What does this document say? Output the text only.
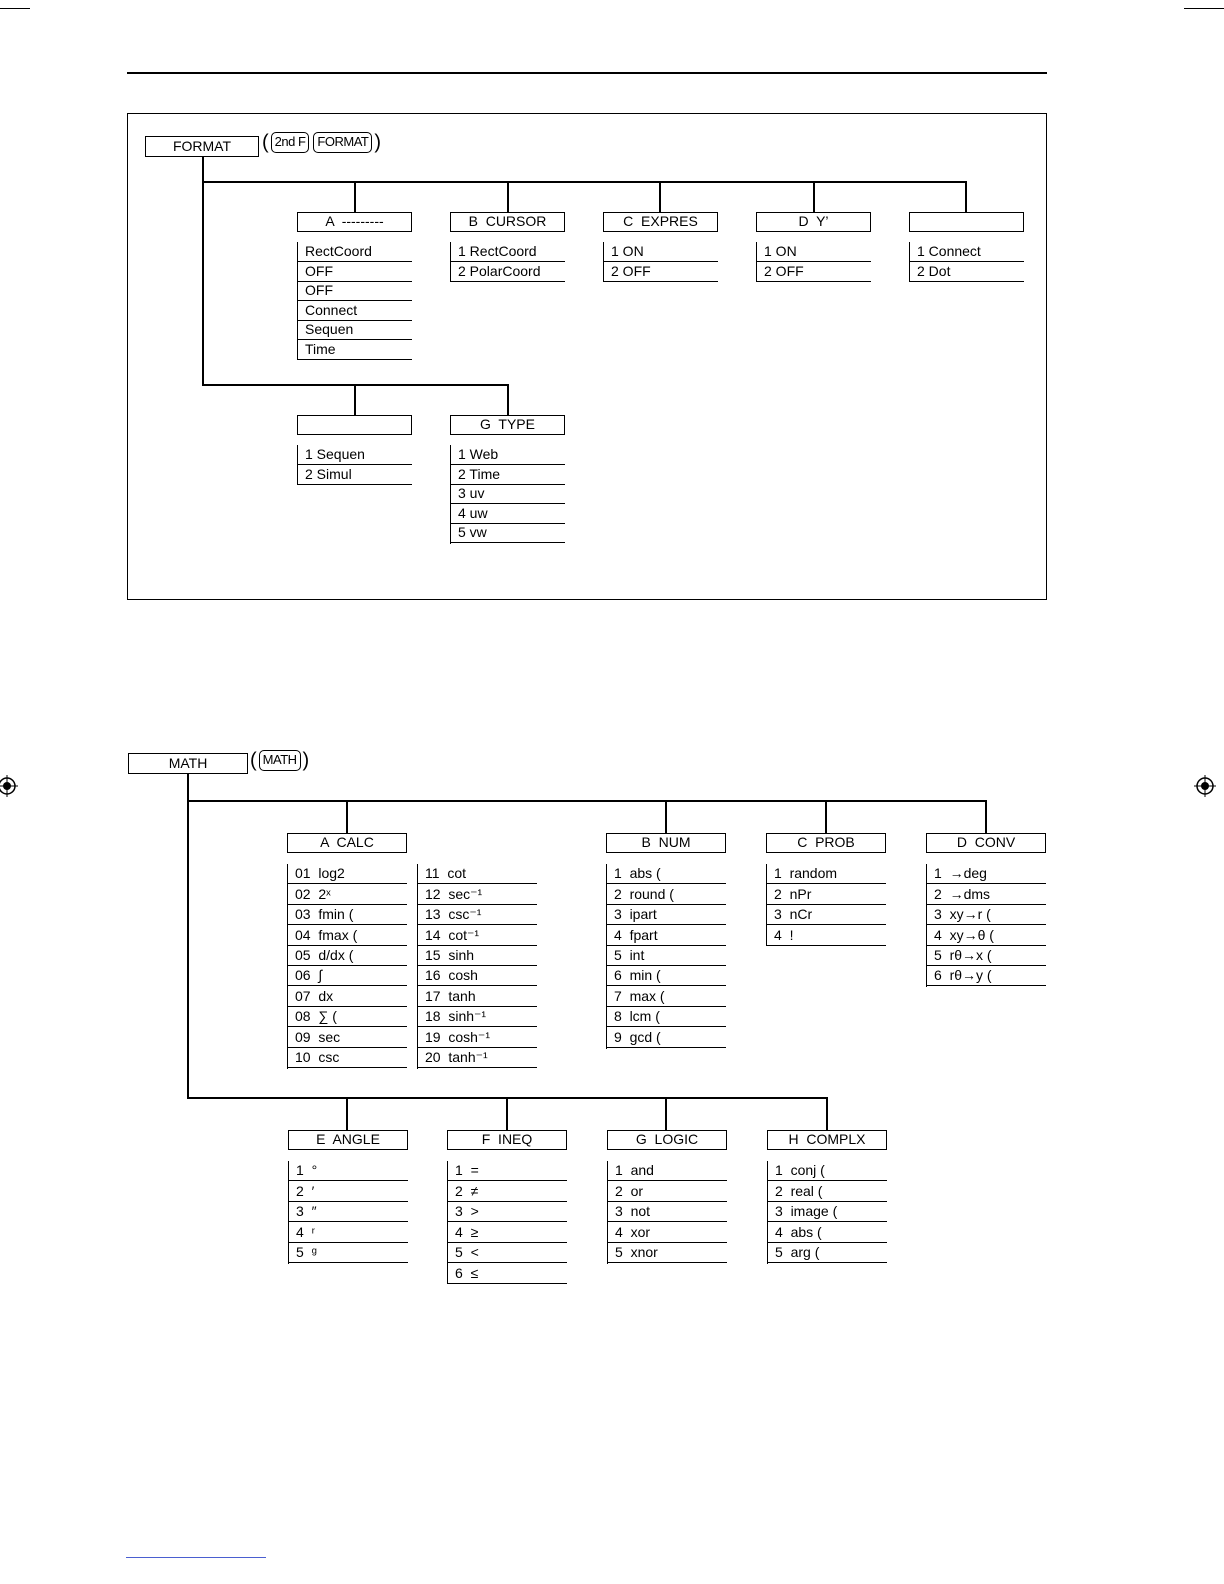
FORMAT	( 2nd F FORMAT )
A  ---------
RectCoord
OFF
OFF
Connect
Sequen
Time
B  CURSOR
1 RectCoord
2 PolarCoord
C  EXPRES
1 ON
2 OFF
D  Y’
1 ON
2 OFF
1 Connect
2 Dot
1 Sequen
2 Simul
G  TYPE
1 Web
2 Time
3 uv
4 uw
5 vw
MATH	( MATH )
A  CALC
01  log2
02  2ˣ
03  fmin (
04  fmax (
05  d/dx (
06  ∫
07  dx
08  ∑ (
09  sec
10  csc
11  cot
12  sec⁻¹
13  csc⁻¹
14  cot⁻¹
15  sinh
16  cosh
17  tanh
18  sinh⁻¹
19  cosh⁻¹
20  tanh⁻¹
B  NUM
1  abs (
2  round (
3  ipart
4  fpart
5  int
6  min (
7  max (
8  lcm (
9  gcd (
C  PROB
1  random
2  nPr
3  nCr
4  !
D  CONV
1  →deg
2  →dms
3  xy→r (
4  xy→θ (
5  rθ→x (
6  rθ→y (
E  ANGLE
1  °
2  ′
3  ″
4  ʳ
5  ᵍ
F  INEQ
1  =
2  ≠
3  >
4  ≥
5  <
6  ≤
G  LOGIC
1  and
2  or
3  not
4  xor
5  xnor
H  COMPLX
1  conj (
2  real (
3  image (
4  abs (
5  arg (
